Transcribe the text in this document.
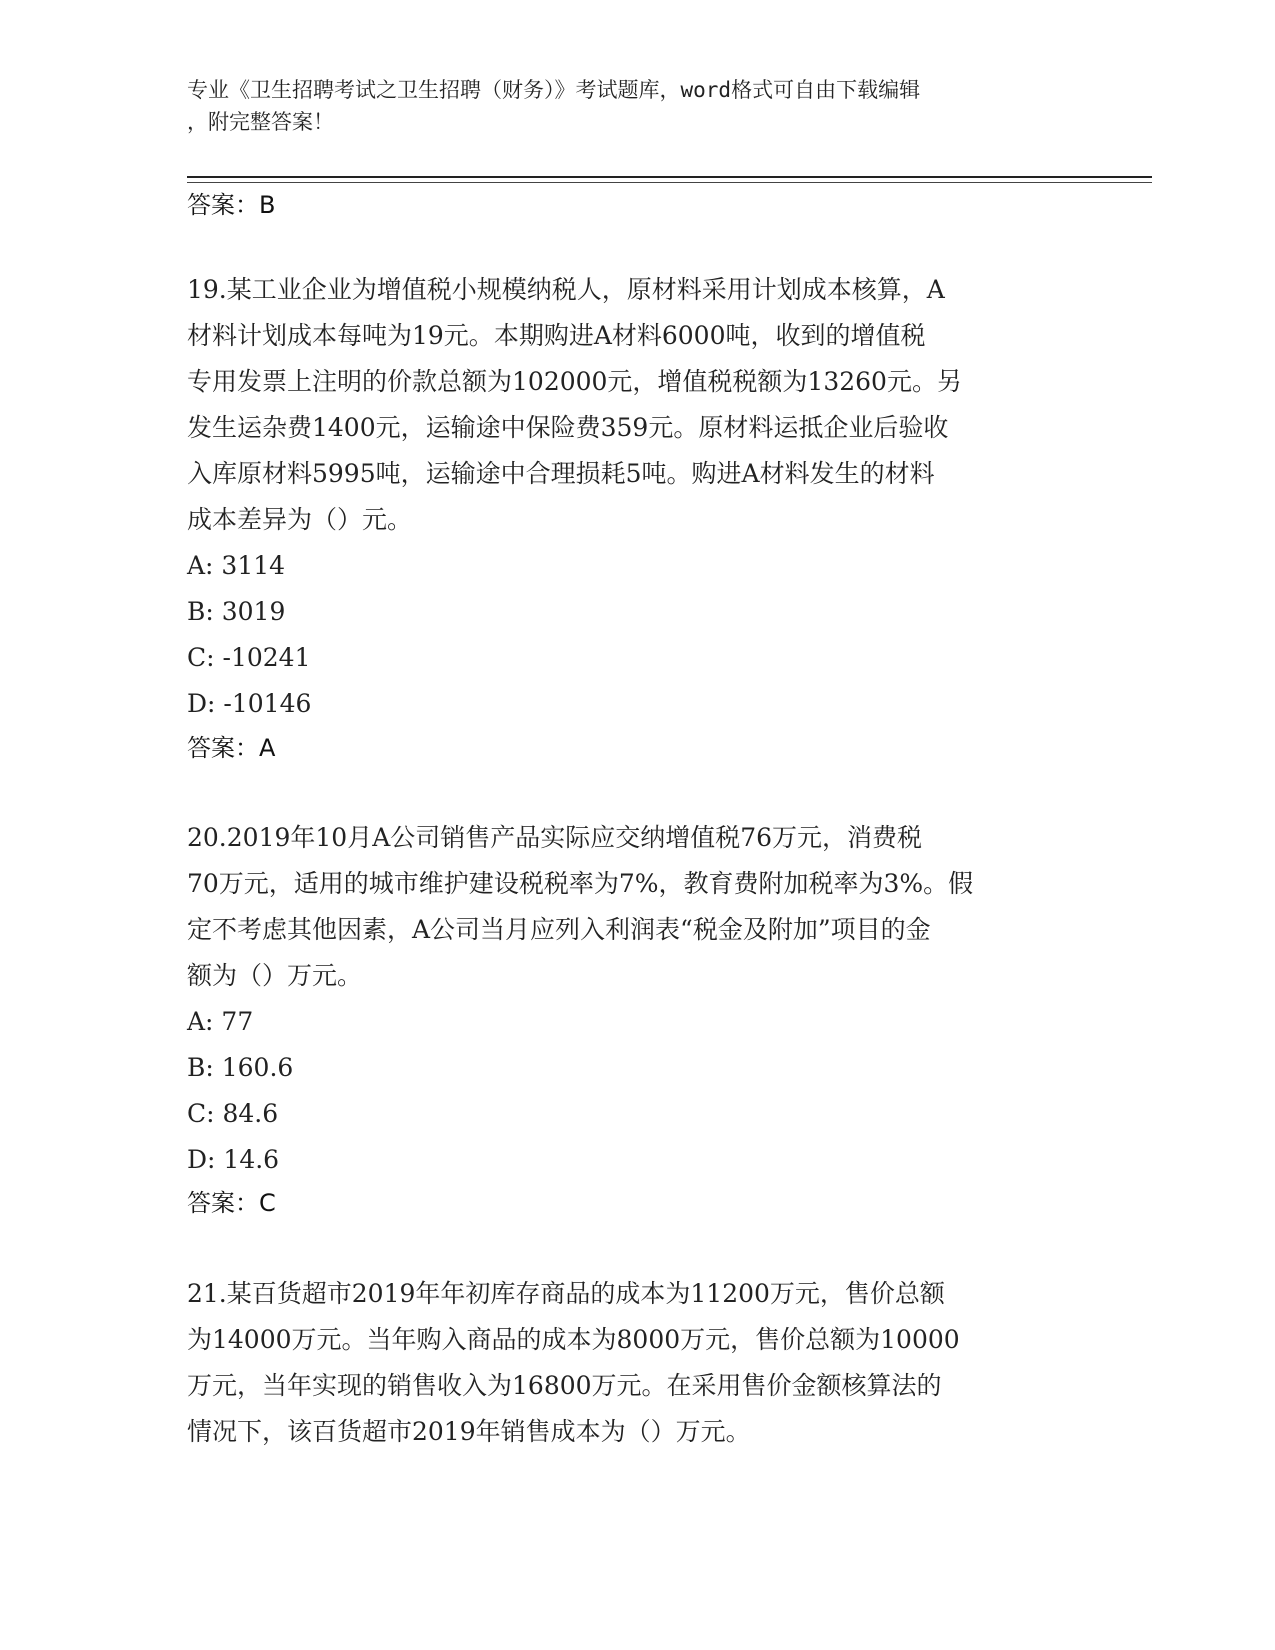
专业《卫生招聘考试之卫生招聘（财务）》考试题库，word格式可自由下载编辑
，附完整答案！
答案：B
19.某工业企业为增值税小规模纳税人，原材料采用计划成本核算，A
材料计划成本每吨为19元。本期购进A材料6000吨，收到的增值税
专用发票上注明的价款总额为102000元，增值税税额为13260元。另
发生运杂费1400元，运输途中保险费359元。原材料运抵企业后验收
入库原材料5995吨，运输途中合理损耗5吨。购进A材料发生的材料
成本差异为（）元。
A: 3114
B: 3019
C: -10241
D: -10146
答案：A
20.2019年10月A公司销售产品实际应交纳增值税76万元，消费税
70万元，适用的城市维护建设税税率为7%，教育费附加税率为3%。假
定不考虑其他因素，A公司当月应列入利润表“税金及附加”项目的金
额为（）万元。
A: 77
B: 160.6
C: 84.6
D: 14.6
答案：C
21.某百货超市2019年年初库存商品的成本为11200万元，售价总额
为14000万元。当年购入商品的成本为8000万元，售价总额为10000
万元，当年实现的销售收入为16800万元。在采用售价金额核算法的
情况下，该百货超市2019年销售成本为（）万元。
